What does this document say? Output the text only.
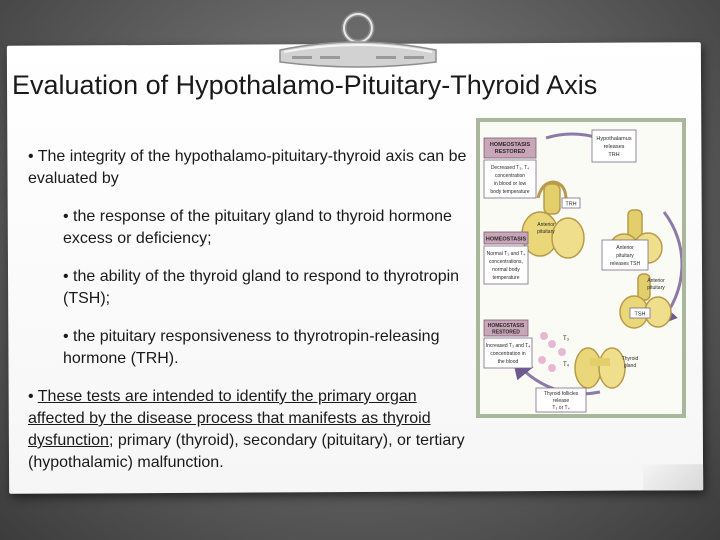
Evaluation of Hypothalamo-Pituitary-Thyroid Axis

• The integrity of the hypothalamo-pituitary-thyroid axis can be evaluated by

• the response of the pituitary gland to thyroid hormone excess or deficiency;

• the ability of the thyroid gland to respond to thyrotropin (TSH);

• the pituitary responsiveness to thyrotropin-releasing hormone (TRH).

• These tests are intended to identify the primary organ affected by the disease process that manifests as thyroid dysfunction; primary (thyroid), secondary (pituitary), or tertiary (hypothalamic) malfunction.

HOMEOSTASIS
RESTORED
Decreased T₃, T₄
concentration
in blood or low
body temperature
Hypothalamus
releases
TRH
TRH
Anterior
pituitary
Anterior
pituitary
releases TSH
HOMEOSTASIS
Normal T₃ and T₄
concentrations,
normal body
temperature	Anterior
pituitary
TSH
HOMEOSTASIS
RESTORED
Increased T₃ and T₄
concentration in
the blood
T₃
T₄
Thyroid
gland
Thyroid follicles
release
T₃ or T₄
